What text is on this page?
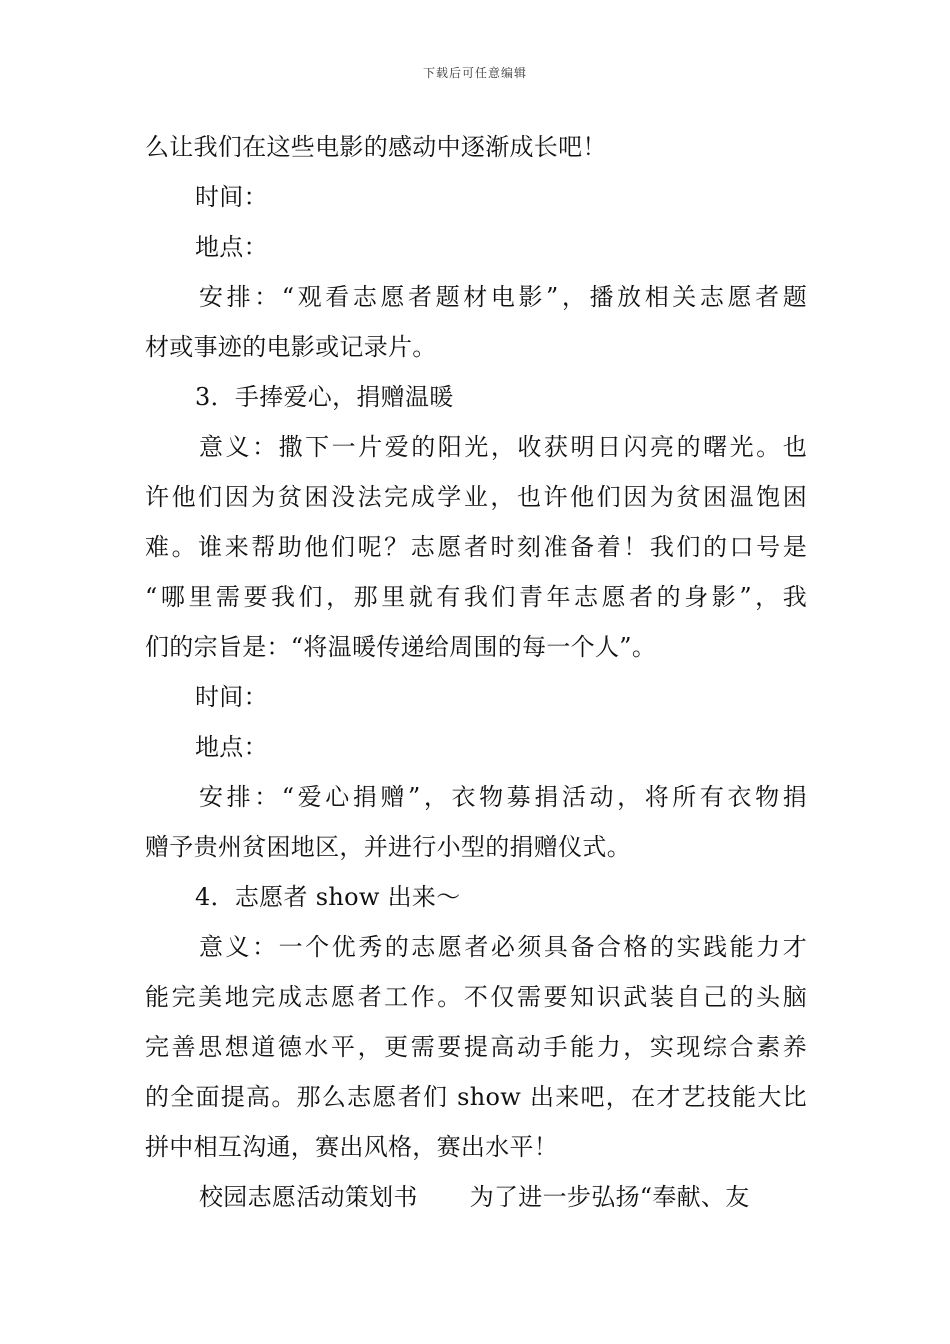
下载后可任意编辑
么让我们在这些电影的感动中逐渐成长吧！
时间：
地点：
安排：“观看志愿者题材电影”，播放相关志愿者题
材或事迹的电影或记录片。
3．手捧爱心，捐赠温暖
意义：撒下一片爱的阳光，收获明日闪亮的曙光。也
许他们因为贫困没法完成学业，也许他们因为贫困温饱困
难。谁来帮助他们呢？志愿者时刻准备着！我们的口号是
“哪里需要我们，那里就有我们青年志愿者的身影”，我
们的宗旨是：“将温暖传递给周围的每一个人”。
时间：
地点：
安排：“爱心捐赠”，衣物募捐活动，将所有衣物捐
赠予贵州贫困地区，并进行小型的捐赠仪式。
4．志愿者 show 出来～
意义：一个优秀的志愿者必须具备合格的实践能力才
能完美地完成志愿者工作。不仅需要知识武装自己的头脑
完善思想道德水平，更需要提高动手能力，实现综合素养
的全面提高。那么志愿者们 show 出来吧，在才艺技能大比
拼中相互沟通，赛出风格，赛出水平！
校园志愿活动策划书 为了进一步弘扬“奉献、友
